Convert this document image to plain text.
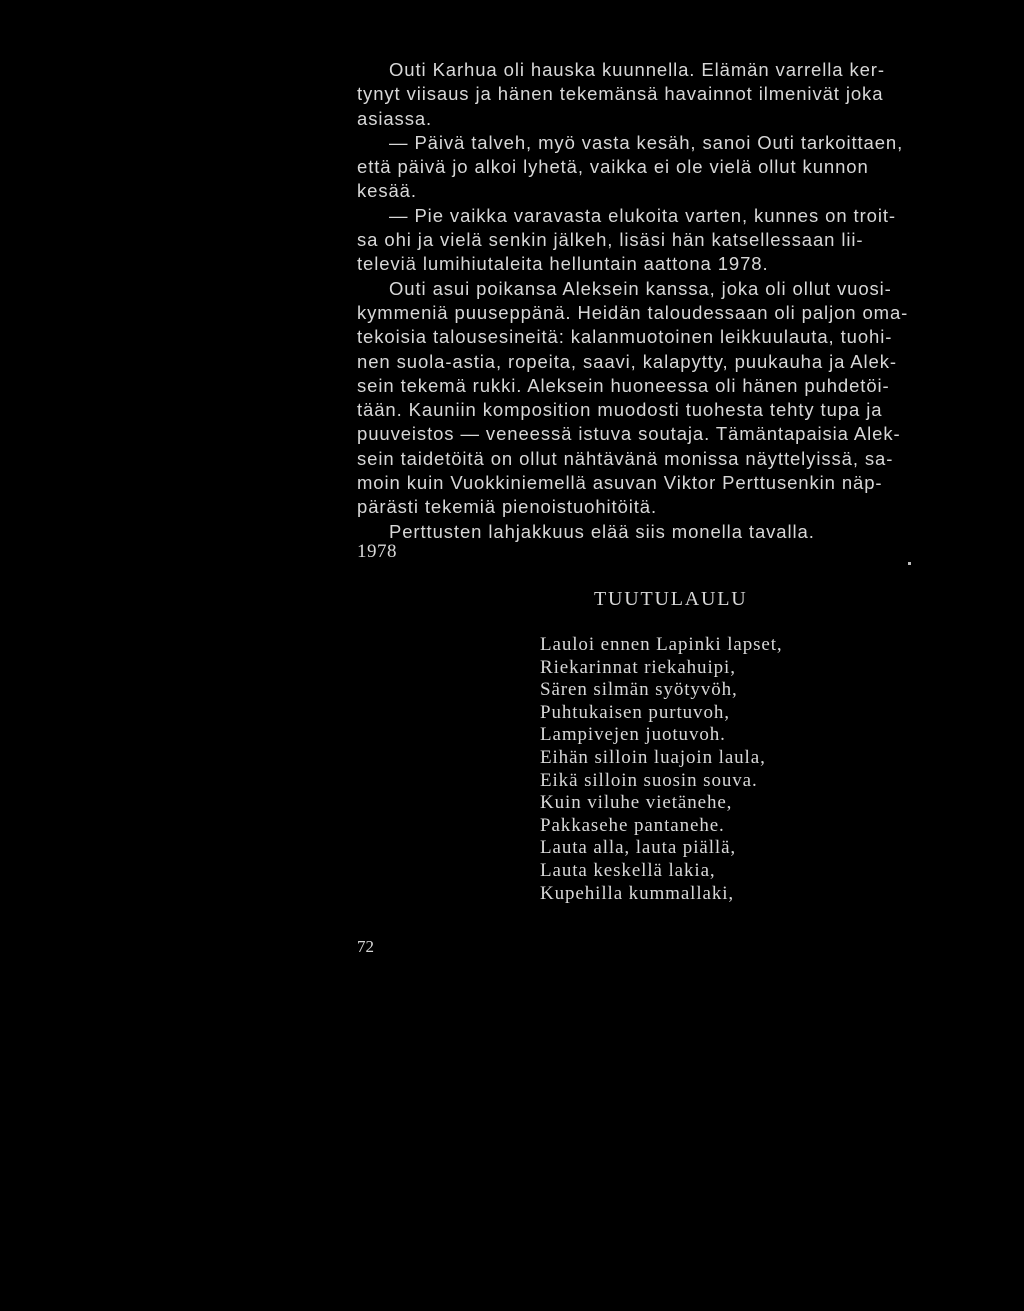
Outi Karhua oli hauska kuunnella. Elämän varrella ker-
tynyt viisaus ja hänen tekemänsä havainnot ilmenivät joka
asiassa.
— Päivä talveh, myö vasta kesäh, sanoi Outi tarkoittaen,
että päivä jo alkoi lyhetä, vaikka ei ole vielä ollut kunnon
kesää.
— Pie vaikka varavasta elukoita varten, kunnes on troit-
sa ohi ja vielä senkin jälkeh, lisäsi hän katsellessaan lii-
televiä lumihiutaleita helluntain aattona 1978.
Outi asui poikansa Aleksein kanssa, joka oli ollut vuosi-
kymmeniä puuseppänä. Heidän taloudessaan oli paljon oma-
tekoisia talousesineitä: kalanmuotoinen leikkuulauta, tuohi-
nen suola-astia, ropeita, saavi, kalapytty, puukauha ja Alek-
sein tekemä rukki. Aleksein huoneessa oli hänen puhdetöi-
tään. Kauniin komposition muodosti tuohesta tehty tupa ja
puuveistos — veneessä istuva soutaja. Tämäntapaisia Alek-
sein taidetöitä on ollut nähtävänä monissa näyttelyissä, sa-
moin kuin Vuokkiniemellä asuvan Viktor Perttusenkin näp-
pärästi tekemiä pienoistuohitöitä.
Perttusten lahjakkuus elää siis monella tavalla.
1978
TUUTULAULU
Lauloi ennen Lapinki lapset,
Riekarinnat riekahuipi,
Sären silmän syötyvöh,
Puhtukaisen purtuvoh,
Lampivejen juotuvoh.
Eihän silloin luajoin laula,
Eikä silloin suosin souva.
Kuin viluhe vietänehe,
Pakkasehe pantanehe.
Lauta alla, lauta piällä,
Lauta keskellä lakia,
Kupehilla kummallaki,
72
